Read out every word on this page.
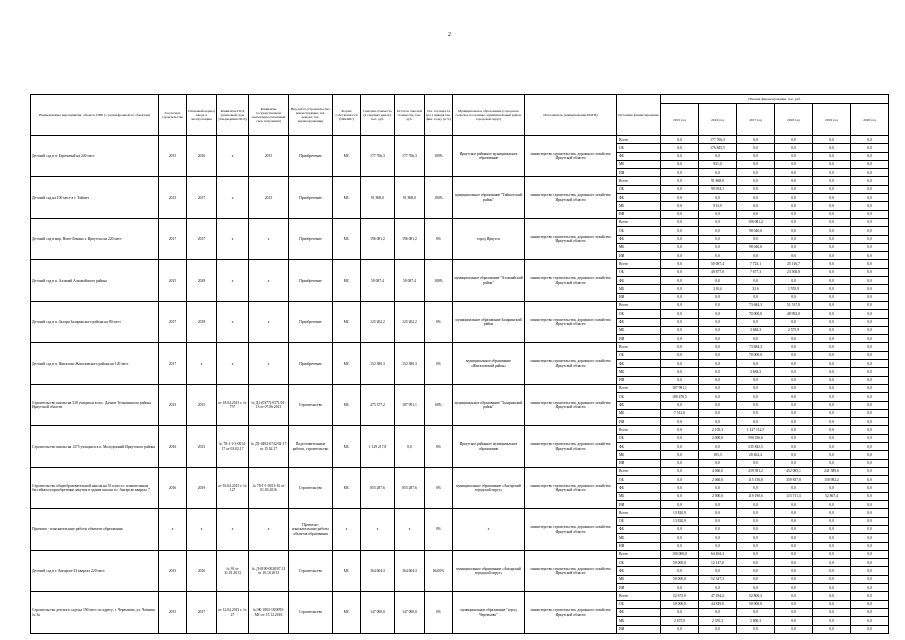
2
Наименование мероприятия, объекта, ППР (с расшифровкой по объектам)	Год начала строительства	Плановый период ввода в эксплуатацию	Реквизиты ПСД (плановый срок утверждения ПСД)	Реквизиты государственной экспертизы (плановый срок получения)	Вид работ (строительство, реконструкция, тех. ремонт, тех. перевооружение)	Форма собственности (ОКОФС)	Сметная стоимость (в текущих ценах), тыс. руб.	Остаток сметной стоимости, тыс. руб.	Тех. готовность (на 1 января тек. фин. года), (в %)	Муниципальное образование (городское/сельское поселение, муниципальный район, городской округ)	Исполнитель (наименование ИОГВ)	Источник финансирования	Объемы финансирования, тыс. руб.					
													2015 год	2016 год	2017 год	2018 год	2019 год	2020 год
Детский сад в п. Березовый на 240 мест	2015	2016	х	2015	Приобретение	МС	177 766,3	177 766,3	100%	Иркутское районное муниципальное образование	министерство строительства, дорожного хозяйства Иркутской области	Всего	0,0	177 766,3	0,0	0,0	0,0	0,0
												ОБ	0,0	176 845,5	0,0	0,0	0,0	0,0
												ФБ	0,0	0,0	0,0	0,0	0,0	0,0
												МБ	0,0	921,0	0,0	0,0	0,0	0,0
												ИИ	0,0	0,0	0,0	0,0	0,0	0,0
Детский сад на 100 мест в г. Тайшет	2015	2017	х	2015	Приобретение	МС	91 868,0	91 868,0	100%	муниципальное образование "Тайшетский район"	министерство строительства, дорожного хозяйства Иркутской области	Всего	0,0	91 868,0	0,0	0,0	0,0	0,0
												ОБ	0,0	90 954,1	0,0	0,0	0,0	0,0
												ФБ	0,0	0,0	0,0	0,0	0,0	0,0
												МБ	0,0	913,9	0,0	0,0	0,0	0,0
												ИИ	0,0	0,0	0,0	0,0	0,0	0,0
Детский сад в мкр. Ново-Ленино г. Иркутска на 220 мест	2017	2017	х	х	Приобретение	МС	196 081,2	196 081,2	0%	город Иркутск	министерство строительства, дорожного хозяйства Иркутской области	Всего	0,0	0,0	196 081,2	0,0	0,0	0,0
												ОБ	0,0	0,0	98 040,6	0,0	0,0	0,0
												ФБ	0,0	0,0	0,0	0,0	0,0	0,0
												МБ	0,0	0,0	98 040,6	0,0	0,0	0,0
												ИИ	0,0	0,0	0,0	0,0	0,0	0,0
Детский сад в п. Алзамай Алзамайского района	2015	2018	х	х	Приобретение	МС	50 087,4	50 087,4	100%	муниципальное образование "Алзамайский район"	министерство строительства, дорожного хозяйства Иркутской области	Всего	0,0	50 087,4	7 723,1	25 116,7	0,0	0,0
												ОБ	0,0	49 877,0	7 677,3	23 560,8	0,0	0,0
												ФБ	0,0	0,0	0,0	0,0	0,0	0,0
												МБ	0,0	210,4	32,6	1 555,9	0,0	0,0
												ИИ	0,0	0,0	0,0	0,0	0,0	0,0
Детский сад в п. Залари Заларинского района на 80 мест	2017	2018	х	х	Приобретение	МС	125 202,2	125 202,2	0%	муниципальное образование Заларинский район	министерство строительства, дорожного хозяйства Иркутской области	Всего	0,0	0,0	73 684,3	51 517,9	0,0	0,0
												ОБ	0,0	0,0	70 000,0	48 992,0	0,0	0,0
												ФБ	0,0	0,0	0,0	0,0	0,0	0,0
												МБ	0,0	0,0	3 684,3	2 575,9	0,0	0,0
												ИИ	0,0	0,0	0,0	0,0	0,0	0,0
Детский сад в п. Жигалово Жигаловского района на 120 мест	2017	х	х	х	Приобретение	МС	152 380,3	152 380,3	0%	муниципальное образование «Жигаловский район»	министерство строительства, дорожного хозяйства Иркутской области	Всего	0,0	0,0	73 684,3	0,0	0,0	0,0
												ОБ	0,0	0,0	70 000,0	0,0	0,0	0,0
												ФБ	0,0	0,0	0,0	0,0	0,0	0,0
												МБ	0,0	0,0	3 684,3	0,0	0,0	0,0
												ИИ	0,0	0,0	0,0	0,0	0,0	0,0
Строительство школы на 520 учащихся в пос. Дачное Тельминского района Иркутской области	2013	2015	от 18.04.2013 г. № 757	№ Д1-(0377)-0571/01-13 от 07.06.2013	Строительство	МС	475 377,2	187 991,1	60%	муниципальное образование "Заларинский район"	министерство строительства, дорожного хозяйства Иркутской области	Всего	187 991,1	0,0	0,0	0,0	0,0	0,0
												ОБ	180 478,5	0,0	0,0	0,0	0,0	0,0
												ФБ	0,0	0,0	0,0	0,0	0,0	0,0
												МБ	7 512,6	0,0	0,0	0,0	0,0	0,0
												ИИ	0,0	0,0	0,0	0,0	0,0	0,0
Строительство школы на 1275 учащихся в п. Молодежный Иркутского района	2016	2015	№ 78-1-1-3-0014-17 от 03.02.17	№ Д1-0492-0742/02-17 от 15.02.17	Подготовительные работы, строительство	МС	1 129 217,8	0,0	0%	Иркутское районное муниципальное образование	министерство строительства, дорожного хозяйства Иркутской области	Всего	0,0	2 105,3	1 127 112,5	0,0	0,0	0,0
												ОБ	0,0	2 000,0	590 356,6	0,0	0,0	0,0
												ФБ	0,0	0,0	535 845,5	0,0	0,0	0,0
												МБ	0,0	105,3	20 462,4	0,0	0,0	0,0
												ИИ	0,0	0,0	0,0	0,0	0,0	0,0
Строительство общеобразовательной школы на 33 класса с плавательным бассейном и приобретение закупок в здание школы в г. Ангарске квартал 7	2016	2019	от 16.04.2015 г. № 127	№ 78-1-1-0013-16 от 01.03.2016	Строительство	МС	855 287,6	855 287,6	0%	муниципальное образование «Ангарский городской округ»	министерство строительства, дорожного хозяйства Иркутской области	Всего	0,0	4 060,0	259 591,2	452 085,1	241 589,6	0,0
												ОБ	0,0	2 060,0	115 156,8	359 837,8	158 982,2	0,0
												ФБ	0,0	0,0	0,0	0,0	0,0	0,0
												МБ	0,0	2 000,0	119 190,6	113 711,3	52 867,4	0,0
												ИИ	0,0	0,0	0,0	0,0	0,0	0,0
Проектно - изыскательские работы объектов образования	х	х	х	х	Проектно-изыскательские работы объектов образования	х	х	х	0%	х	министерство строительства, дорожного хозяйства Иркутской области	Всего	13 820,9	0,0	0,0	0,0	0,0	0,0
												ОБ	13 820,9	0,0	0,0	0,0	0,0	0,0
												ФБ	0,0	0,0	0,0	0,0	0,0	0,0
												МБ	0,0	0,0	0,0	0,0	0,0	0,0
												ИИ	0,0	0,0	0,0	0,0	0,0	0,0
Детский сад в г. Ангарске 33 квартал 220 мест	2015	2016	№ 91 от 31.01.2013	№ Д-0190-0028/07.13 от 10.10.2013	Строительство	МС	164 604,3	164 604,3	66,00%	муниципальное образование «Ангарский городской округ»	министерство строительства, дорожного хозяйства Иркутской области	Всего	100 000,0	64 494,3	0,0	0,0	0,0	0,0
												ОБ	50 000,0	12 147,0	0,0	0,0	0,0	0,0
												ФБ	0,0	0,0	0,0	0,0	0,0	0,0
												МБ	50 000,0	52 347,3	0,0	0,0	0,0	0,0
												ИИ	0,0	0,0	0,0	0,0	0,0	0,0
Строительство детского сада на 190 мест по адресу: г. Черемхово, ул. Чапаева, № 3а	2015	2017	от 12.02.2015 г. № 27	№ЭК-1803-18/0095-МС от 15.12.2016	Строительство	МС	147 000,0	147 000,0	0%	муниципальное образование "город Черемхово"	министерство строительства, дорожного хозяйства Иркутской области	Всего	52 675,0	47 184,2	52 800,3	0,0	0,0	0,0
												ОБ	50 000,0	44 829,0	50 000,0	0,0	0,0	0,0
												ФБ	0,0	0,0	0,0	0,0	0,0	0,0
												МБ	2 675,0	2 355,2	2 800,3	0,0	0,0	0,0
												ИИ	0,0	0,0	0,0	0,0	0,0	0,0
